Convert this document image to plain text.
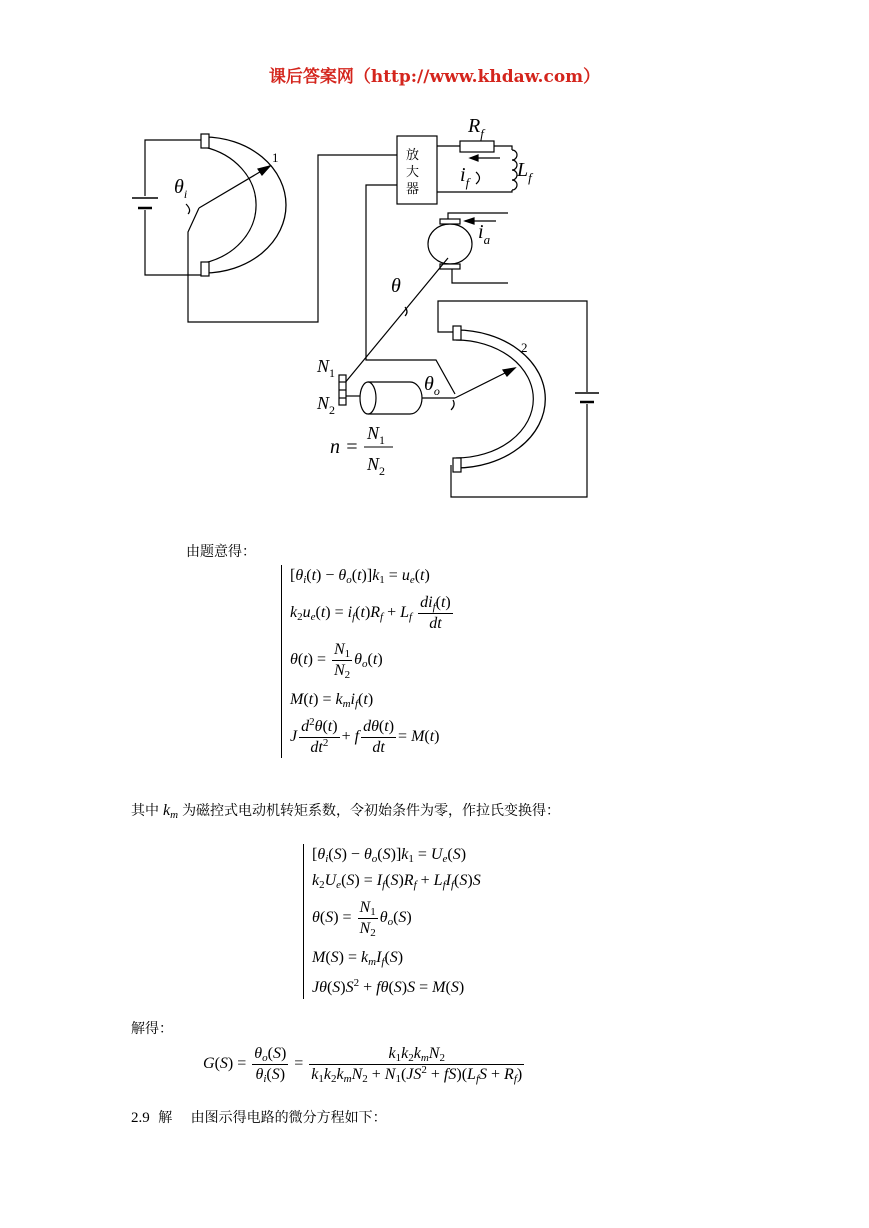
课后答案网（http://www.khdaw.com）
放
大
器
$R_f$
$i_f$
$L_f$
$i_a$
θ
$\theta_i$
$\theta_o$
1
2
$N_1$
$N_2$
n =
$N_1$
$N_2$
由题意得：
$[\theta_i(t) - \theta_o(t)]k_1 = u_e(t)$
$k_2u_e(t) = i_f(t)R_f + L_f \frac{di_f(t)}{dt}$
$\theta(t) = \frac{N_1}{N_2} \theta_o(t)$
$M(t) = k_mi_f(t)$
J $\frac{d^2\theta(t)}{dt^2} + f \frac{d\theta(t)}{dt} = M(t)$
其中 $k_m$ 为磁控式电动机转矩系数，令初始条件为零，作拉氏变换得：
$[\theta_i(S) - \theta_o(S)]k_1 = U_e(S)$
$k_2U_e(S) = I_f(S)R_f + L_fI_f(S)S$
$\theta(S) = \frac{N_1}{N_2} \theta_o(S)$
$M(S) = k_mI_f(S)$
$J\theta(S)S^2 + f\theta(S)S = M(S)$
解得：
$G(S) = \frac{\theta_o(S)}{\theta_i(S)} = \frac{k_1k_2k_mN_2}{k_1k_2k_mN_2 + N_1(JS^2 + fS)(L_fS + R_f)}$
2.9 解 由图示得电路的微分方程如下：
